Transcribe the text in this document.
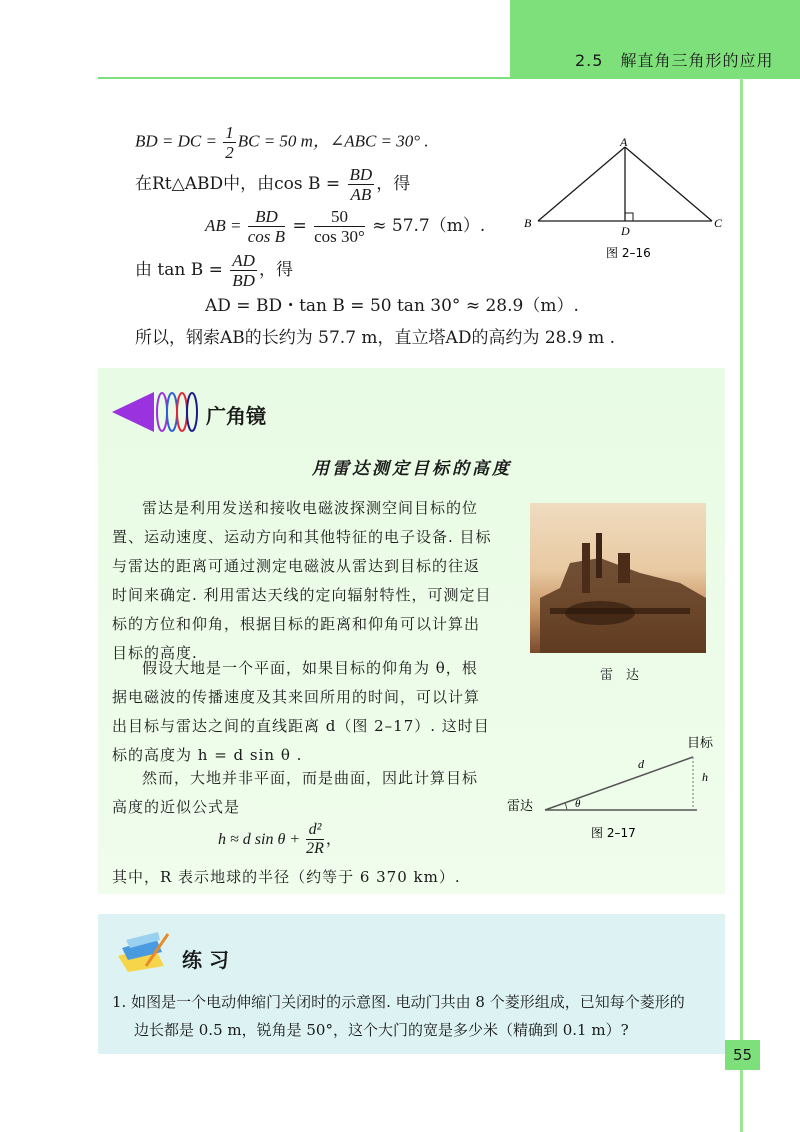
2.5　解直角三角形的应用
BD = DC = $\frac{1}{2}$ BC = 50 m，∠ABC = 30° .
在Rt△ABD中，由$\cos B = \frac{BD}{AB}$ ，得
AB = $\frac{BD}{\text{cos B}} = \frac{50}{\cos 30^\circ} \approx 57.7(m)$.
由 $\tan B = \frac{AD}{BD}$ ，得
AD = BD・tan B = 50 tan 30° ≈ 28.9（m）.
所以，钢索AB的长约为 57.7 m，直立塔AD的高约为 28.9 m .
A
B	C
D
图 2–16
广角镜
用雷达测定目标的高度
雷达是利用发送和接收电磁波探测空间目标的位置、运动速度、运动方向和其他特征的电子设备. 目标与雷达的距离可通过测定电磁波从雷达到目标的往返时间来确定. 利用雷达天线的定向辐射特性，可测定目标的方位和仰角，根据目标的距离和仰角可以计算出目标的高度.
假设大地是一个平面，如果目标的仰角为 θ，根据电磁波的传播速度及其来回所用的时间，可以计算出目标与雷达之间的直线距离 d（图 2–17）. 这时目标的高度为 h = d sin θ .
然而，大地并非平面，而是曲面，因此计算目标高度的近似公式是
h ≈ d $\sin \theta + \frac{\text{d²}}{2R}$ ，
其中，R 表示地球的半径（约等于 6 370 km）.
雷　达
目标
雷达
d
h
θ
图 2–17
练 习
1. 如图是一个电动伸缩门关闭时的示意图. 电动门共由 8 个菱形组成，已知每个菱形的
边长都是 0.5 m，锐角是 50°，这个大门的宽是多少米（精确到 0.1 m）?
55
